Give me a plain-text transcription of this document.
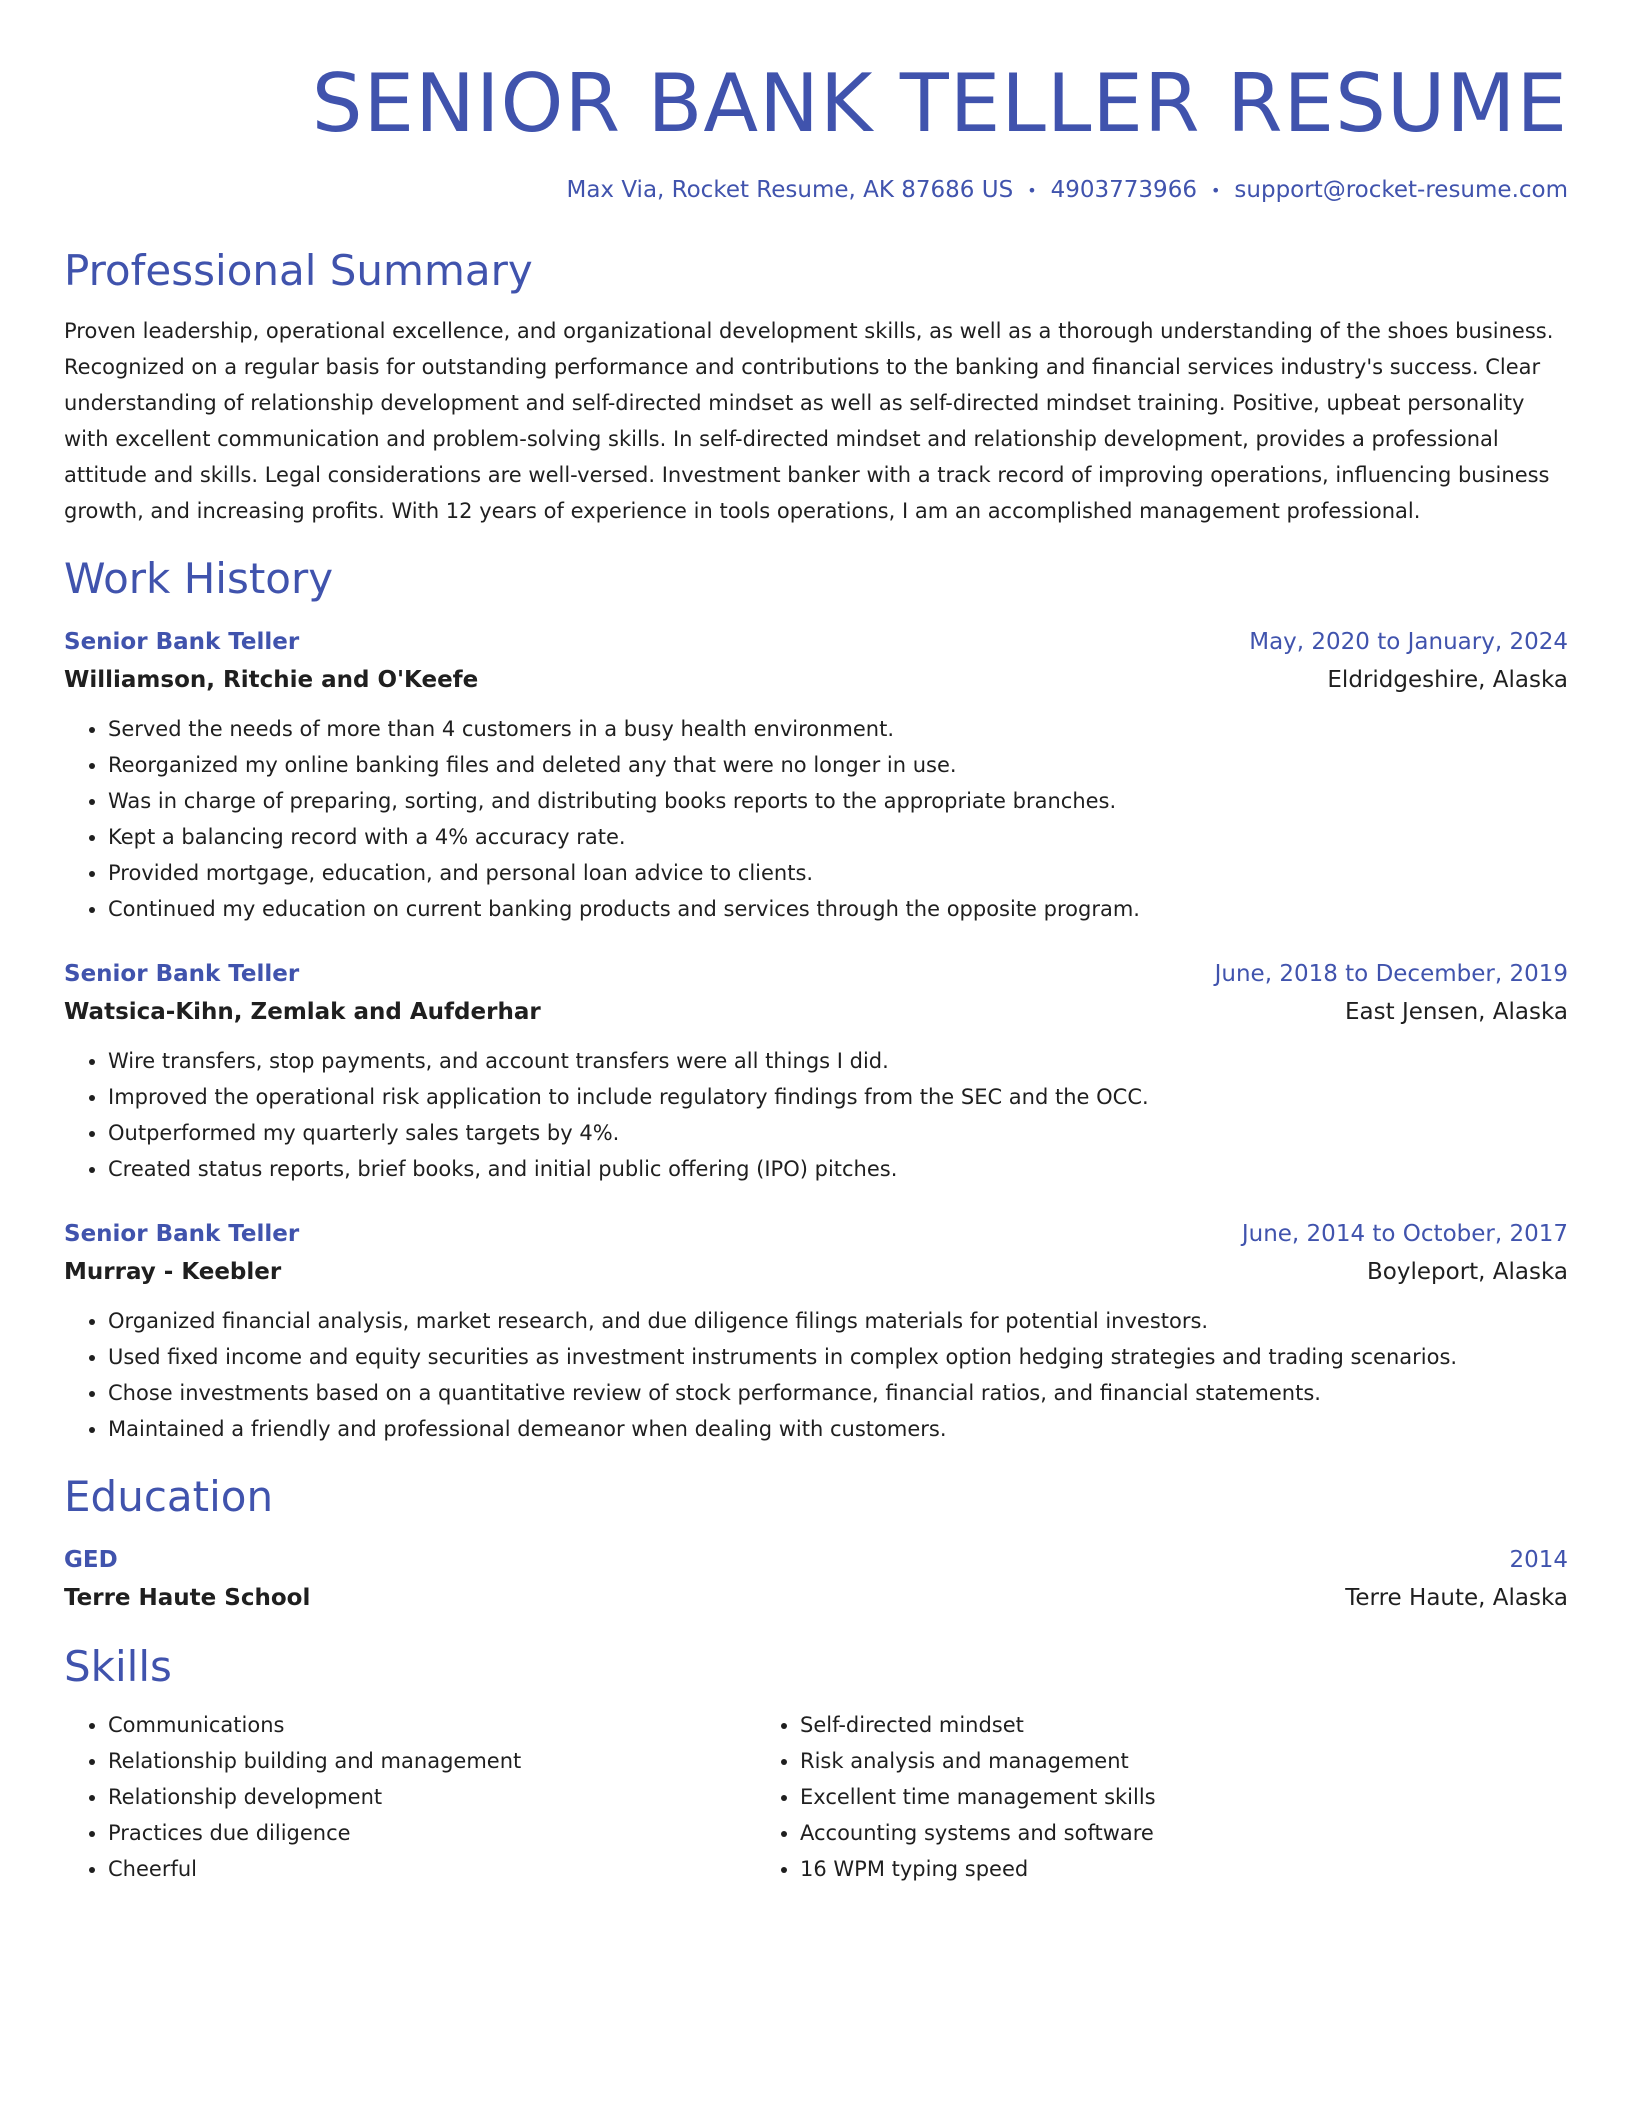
SENIOR BANK TELLER RESUME
Max Via, Rocket Resume, AK 87686 US • 4903773966 • support@rocket-resume.com
Professional Summary
Proven leadership, operational excellence, and organizational development skills, as well as a thorough understanding of the shoes business. Recognized on a regular basis for outstanding performance and contributions to the banking and financial services industry's success. Clear understanding of relationship development and self-directed mindset as well as self-directed mindset training. Positive, upbeat personality with excellent communication and problem-solving skills. In self-directed mindset and relationship development, provides a professional attitude and skills. Legal considerations are well-versed. Investment banker with a track record of improving operations, influencing business growth, and increasing profits. With 12 years of experience in tools operations, I am an accomplished management professional.
Work History
Senior Bank Teller	May, 2020 to January, 2024
Williamson, Ritchie and O'Keefe	Eldridgeshire, Alaska
• Served the needs of more than 4 customers in a busy health environment.
• Reorganized my online banking files and deleted any that were no longer in use.
• Was in charge of preparing, sorting, and distributing books reports to the appropriate branches.
• Kept a balancing record with a 4% accuracy rate.
• Provided mortgage, education, and personal loan advice to clients.
• Continued my education on current banking products and services through the opposite program.
Senior Bank Teller	June, 2018 to December, 2019
Watsica-Kihn, Zemlak and Aufderhar	East Jensen, Alaska
• Wire transfers, stop payments, and account transfers were all things I did.
• Improved the operational risk application to include regulatory findings from the SEC and the OCC.
• Outperformed my quarterly sales targets by 4%.
• Created status reports, brief books, and initial public offering (IPO) pitches.
Senior Bank Teller	June, 2014 to October, 2017
Murray - Keebler	Boyleport, Alaska
• Organized financial analysis, market research, and due diligence filings materials for potential investors.
• Used fixed income and equity securities as investment instruments in complex option hedging strategies and trading scenarios.
• Chose investments based on a quantitative review of stock performance, financial ratios, and financial statements.
• Maintained a friendly and professional demeanor when dealing with customers.
Education
GED	2014
Terre Haute School	Terre Haute, Alaska
Skills
• Communications
• Relationship building and management
• Relationship development
• Practices due diligence
• Cheerful
• Self-directed mindset
• Risk analysis and management
• Excellent time management skills
• Accounting systems and software
• 16 WPM typing speed
